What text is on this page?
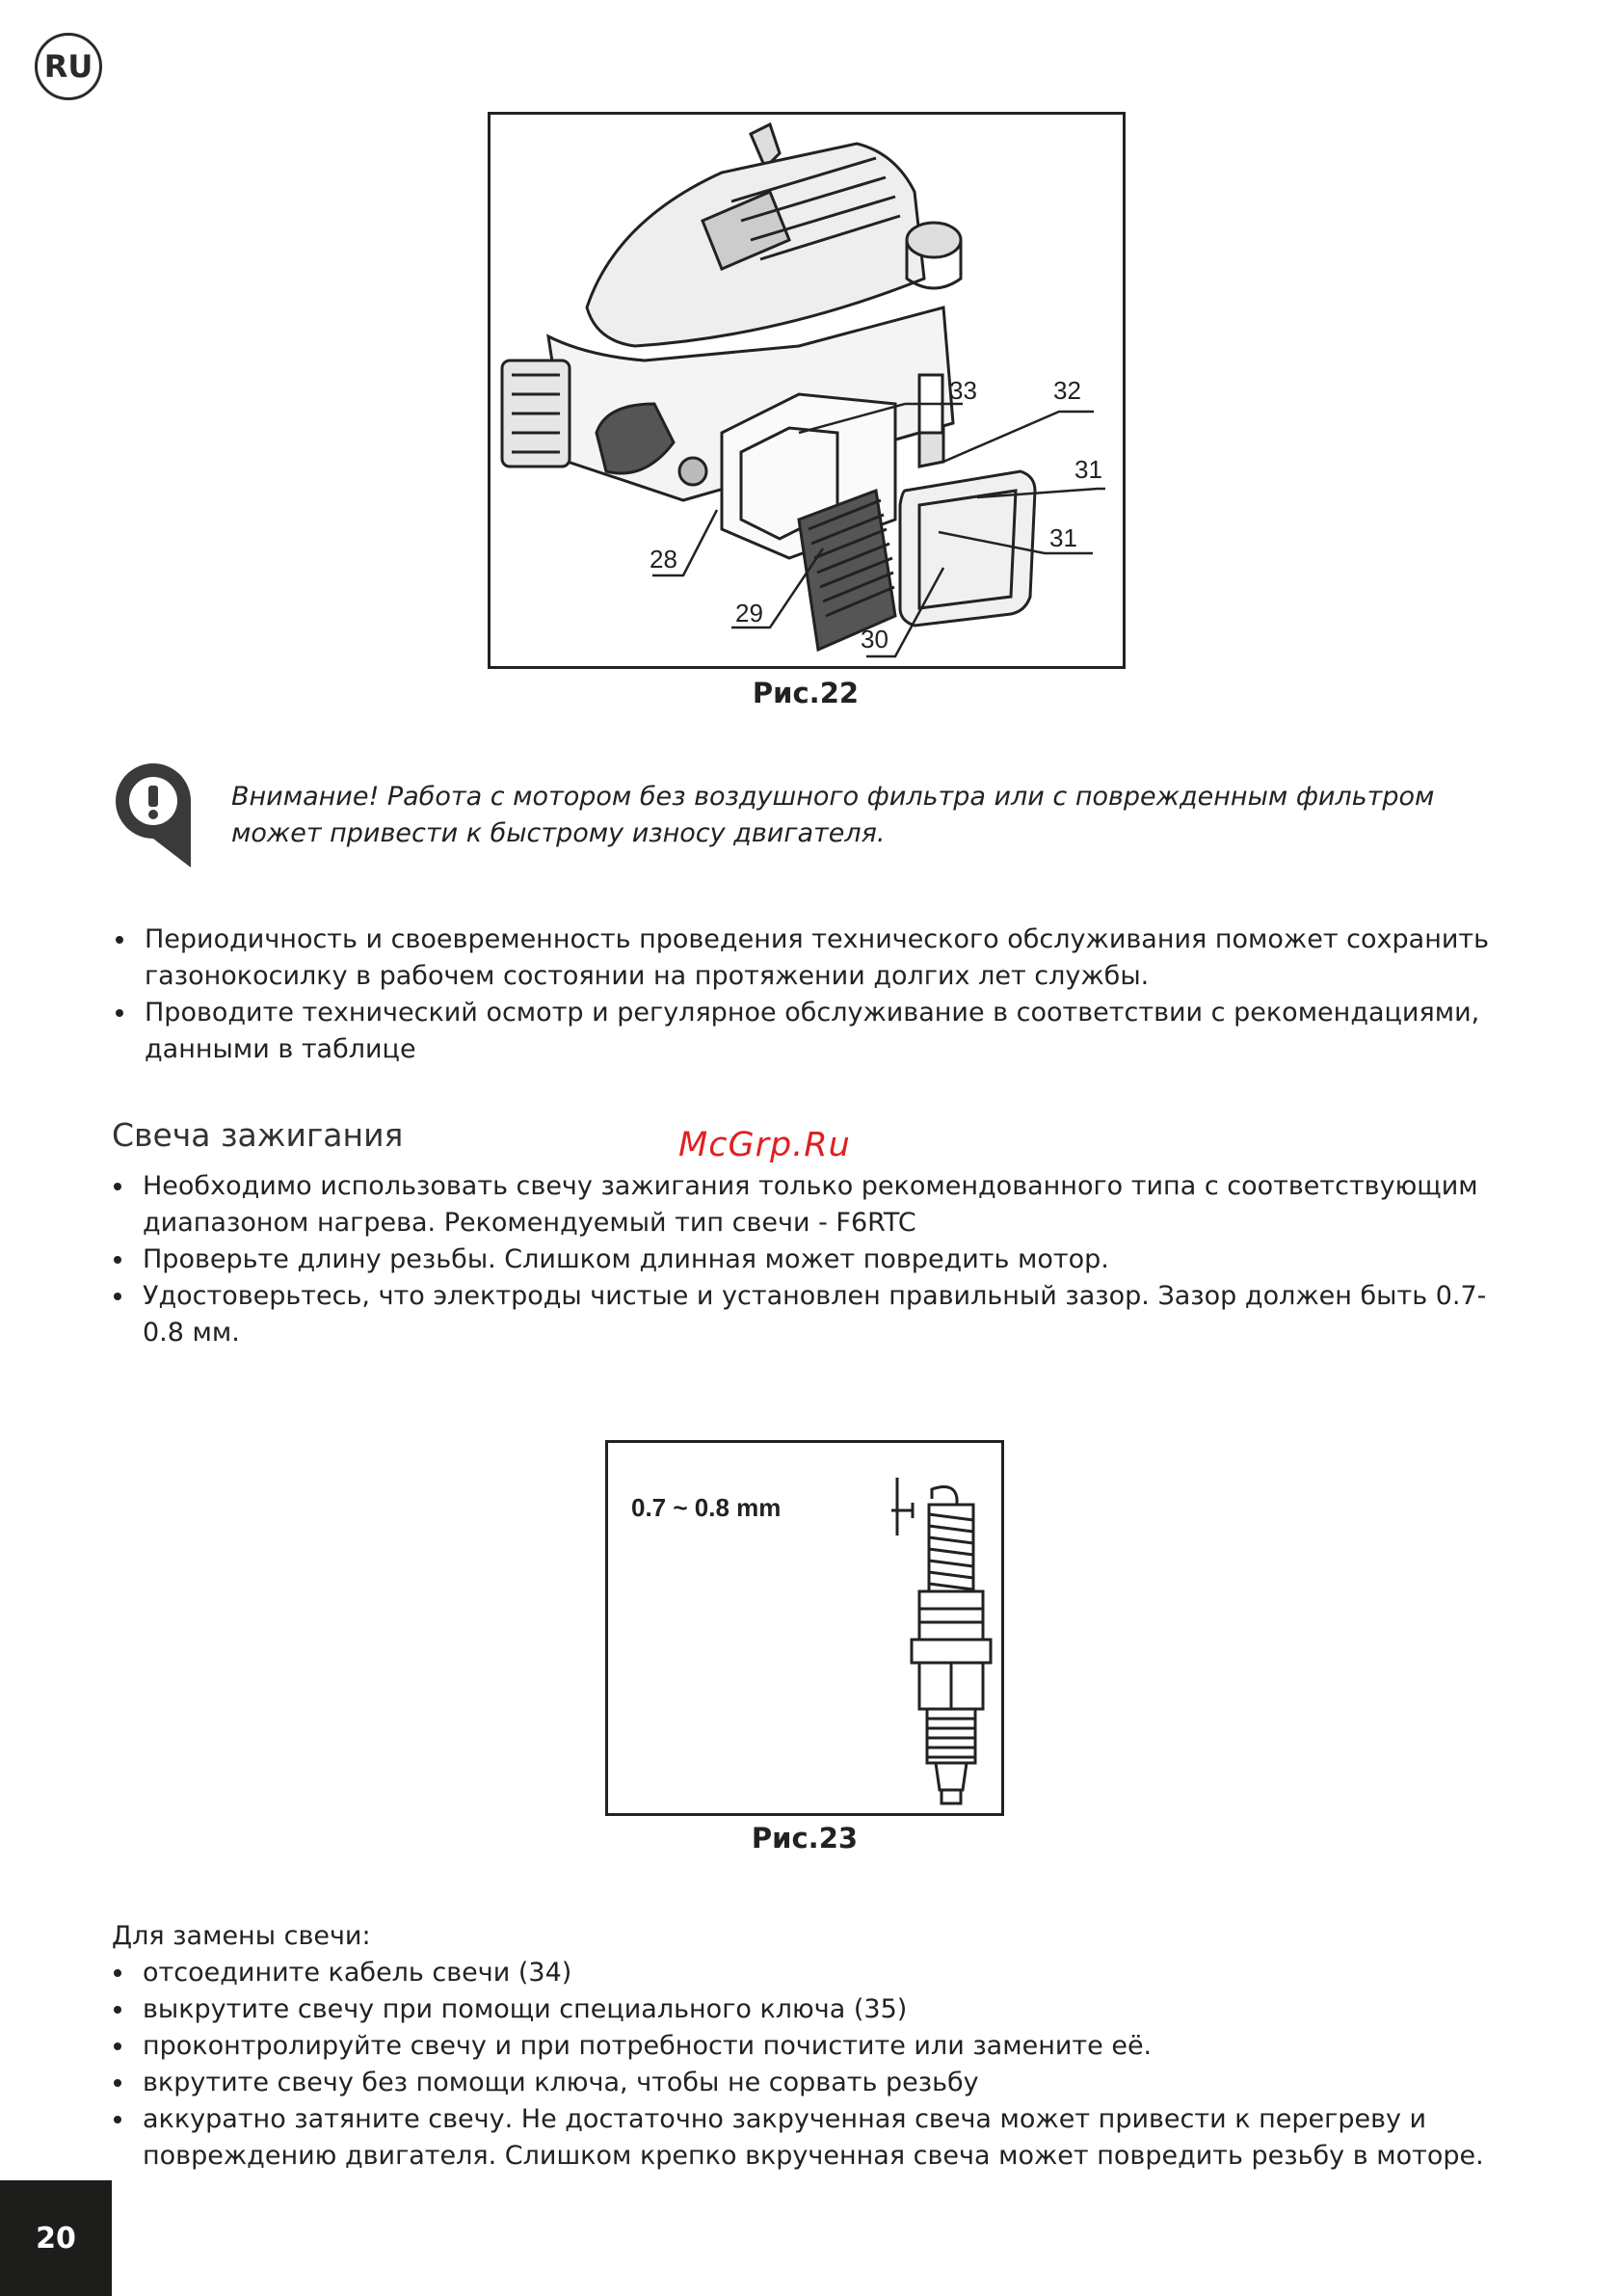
RU
33	32
31
31
28
29
30
Рис.22
Внимание! Работа с мотором без воздушного фильтра или с поврежденным фильтром может привести к быстрому износу двигателя.
Периодичность и своевременность проведения технического обслуживания поможет сохранить газонокосилку в рабочем состоянии на протяжении долгих лет службы.
Проводите технический осмотр и регулярное обслуживание в соответствии с рекомендациями, данными в таблице
Свеча зажигания	McGrp.Ru
Необходимо использовать свечу зажигания только рекомендованного типа с соответствующим диапазоном нагрева. Рекомендуемый тип свечи - F6RTC
Проверьте длину резьбы. Слишком длинная может повредить мотор.
Удостоверьтесь, что электроды чистые и установлен правильный зазор. Зазор должен быть 0.7-0.8 мм.
0.7 ~ 0.8 mm
Рис.23
Для замены свечи:
отсоедините кабель свечи (34)
выкрутите свечу при помощи специального ключа (35)
проконтролируйте свечу и при потребности почистите или замените её.
вкрутите свечу без помощи ключа, чтобы не сорвать резьбу
аккуратно затяните свечу. Не достаточно закрученная свеча может привести к перегреву и повреждению двигателя. Слишком крепко вкрученная свеча может повредить резьбу в моторе.
20
